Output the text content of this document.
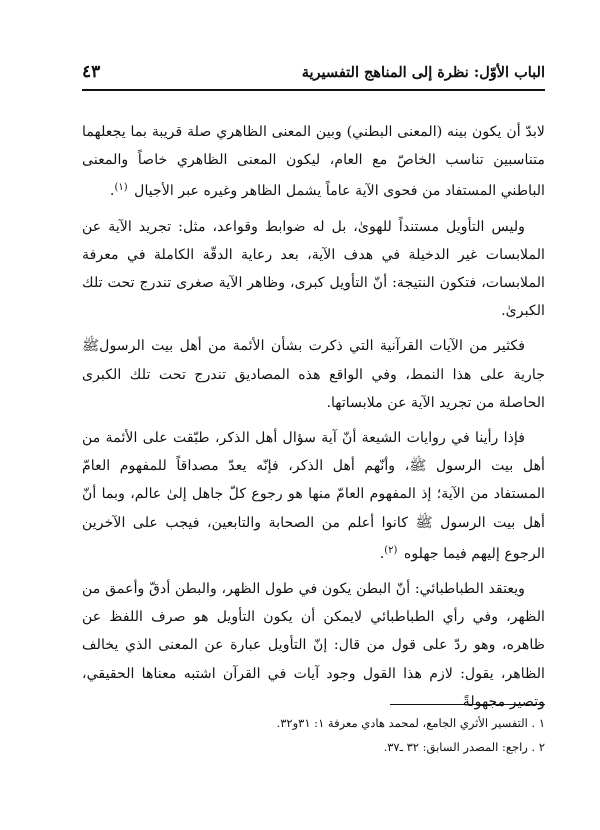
الباب الأوّل: نظرة إلى المناهج التفسيرية
٤٣

لابدّ أن يكون بينه (المعنى البطني) وبين المعنى الظاهري صلة قريبة بما يجعلهما متناسبين تناسب الخاصّ مع العام، ليكون المعنى الظاهري خاصاً والمعنى الباطني المستفاد من فحوى الآية عاماً يشمل الظاهر وغيره عبر الأجيال $^{(١)}$.

وليس التأويل مستنداً للهوىٰ، بل له ضوابط وقواعد، مثل: تجريد الآية عن الملابسات غير الدخيلة في هدف الآية، بعد رعاية الدقّة الكاملة في معرفة الملابسات، فتكون النتيجة: أنّ التأويل كبرى، وظاهر الآية صغرى تندرج تحت تلك الكبرىٰ.

فكثير من الآيات القرآنية التي ذكرت بشأن الأئمة من أهل بيت الرسولﷺ جارية على هذا النمط، وفي الواقع هذه المصاديق تندرج تحت تلك الكبرى الحاصلة من تجريد الآية عن ملابساتها.

فإذا رأينا في روايات الشيعة أنّ آية سؤال أهل الذكر، طبّقت على الأئمة من أهل بيت الرسول ﷺ، وأنّهم أهل الذكر، فإنّه يعدّ مصداقاً للمفهوم العامّ المستفاد من الآية؛ إذ المفهوم العامّ منها هو رجوع كلّ جاهل إلىٰ عالم، وبما أنّ أهل بيت الرسول ﷺ كانوا أعلم من الصحابة والتابعين، فيجب على الآخرين الرجوع إليهم فيما جهلوه $^{(٢)}$.

ويعتقد الطباطبائي: أنّ البطن يكون في طول الظهر، والبطن أدقّ وأعمق من الظهر، وفي رأي الطباطبائي لايمكن أن يكون التأويل هو صرف اللفظ عن ظاهره، وهو ردّ على قول من قال: إنّ التأويل عبارة عن المعنى الذي يخالف الظاهر، يقول: لازم هذا القول وجود آيات في القرآن اشتبه معناها الحقيقي، وتصير مجهولةً

١ . التفسير الأثري الجامع، لمحمد هادي معرفة ١: ٣١و٣٢.
٢ . راجع: المصدر السابق: ٣٢ ـ٣٧.
